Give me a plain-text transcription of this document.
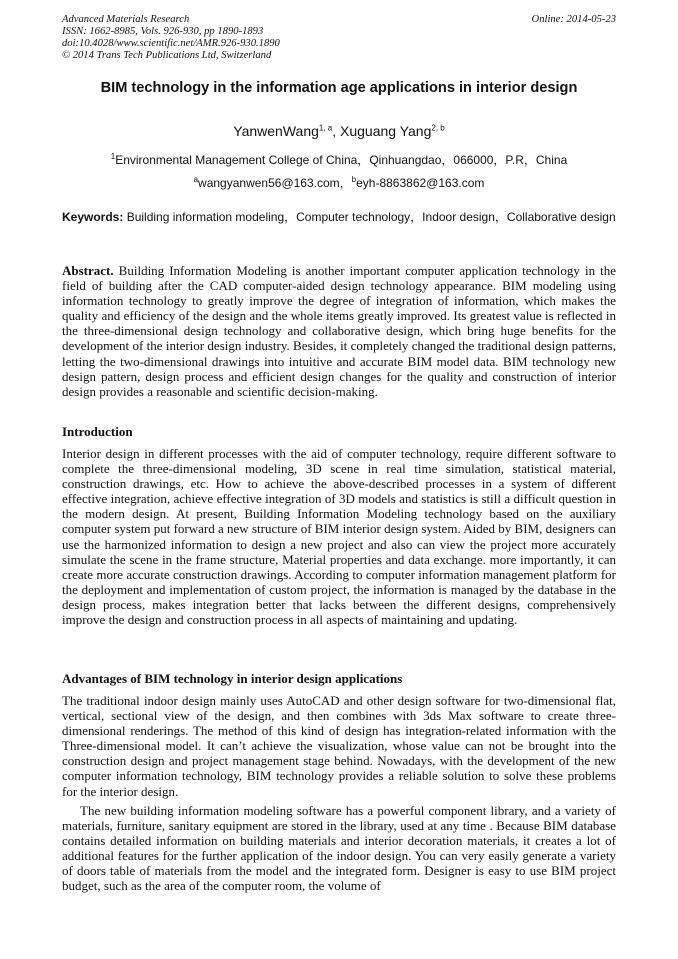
Advanced Materials Research
ISSN: 1662-8985, Vols. 926-930, pp 1890-1893
doi:10.4028/www.scientific.net/AMR.926-930.1890
© 2014 Trans Tech Publications Ltd, Switzerland
Online: 2014-05-23
BIM technology in the information age applications in interior design
YanwenWang$^{1, a}$, Xuguang Yang$^{2, b}$
$^1$Environmental Management College of China，Qinhuangdao，066000，P.R，China
$^a$wangyanwen56@163.com，$^b$eyh-8863862@163.com
Keywords: Building information modeling，Computer technology，Indoor design，Collaborative design
Abstract. Building Information Modeling is another important computer application technology in the field of building after the CAD computer-aided design technology appearance. BIM modeling using information technology to greatly improve the degree of integration of information, which makes the quality and efficiency of the design and the whole items greatly improved. Its greatest value is reflected in the three-dimensional design technology and collaborative design, which bring huge benefits for the development of the interior design industry. Besides, it completely changed the traditional design patterns, letting the two-dimensional drawings into intuitive and accurate BIM model data. BIM technology new design pattern, design process and efficient design changes for the quality and construction of interior design provides a reasonable and scientific decision-making.
Introduction

Interior design in different processes with the aid of computer technology, require different software to complete the three-dimensional modeling, 3D scene in real time simulation, statistical material, construction drawings, etc. How to achieve the above-described processes in a system of different effective integration, achieve effective integration of 3D models and statistics is still a difficult question in the modern design. At present, Building Information Modeling technology based on the auxiliary computer system put forward a new structure of BIM interior design system. Aided by BIM, designers can use the harmonized information to design a new project and also can view the project more accurately simulate the scene in the frame structure, Material properties and data exchange. more importantly, it can create more accurate construction drawings. According to computer information management platform for the deployment and implementation of custom project, the information is managed by the database in the design process, makes integration better that lacks between the different designs, comprehensively improve the design and construction process in all aspects of maintaining and updating.

Advantages of BIM technology in interior design applications

The traditional indoor design mainly uses AutoCAD and other design software for two-dimensional flat, vertical, sectional view of the design, and then combines with 3ds Max software to create three-dimensional renderings. The method of this kind of design has integration-related information with the Three-dimensional model. It can’t achieve the visualization, whose value can not be brought into the construction design and project management stage behind. Nowadays, with the development of the new computer information technology, BIM technology provides a reliable solution to solve these problems for the interior design.

The new building information modeling software has a powerful component library, and a variety of materials, furniture, sanitary equipment are stored in the library, used at any time . Because BIM database contains detailed information on building materials and interior decoration materials, it creates a lot of additional features for the further application of the indoor design. You can very easily generate a variety of doors table of materials from the model and the integrated form. Designer is easy to use BIM project budget, such as the area of the computer room, the volume of
